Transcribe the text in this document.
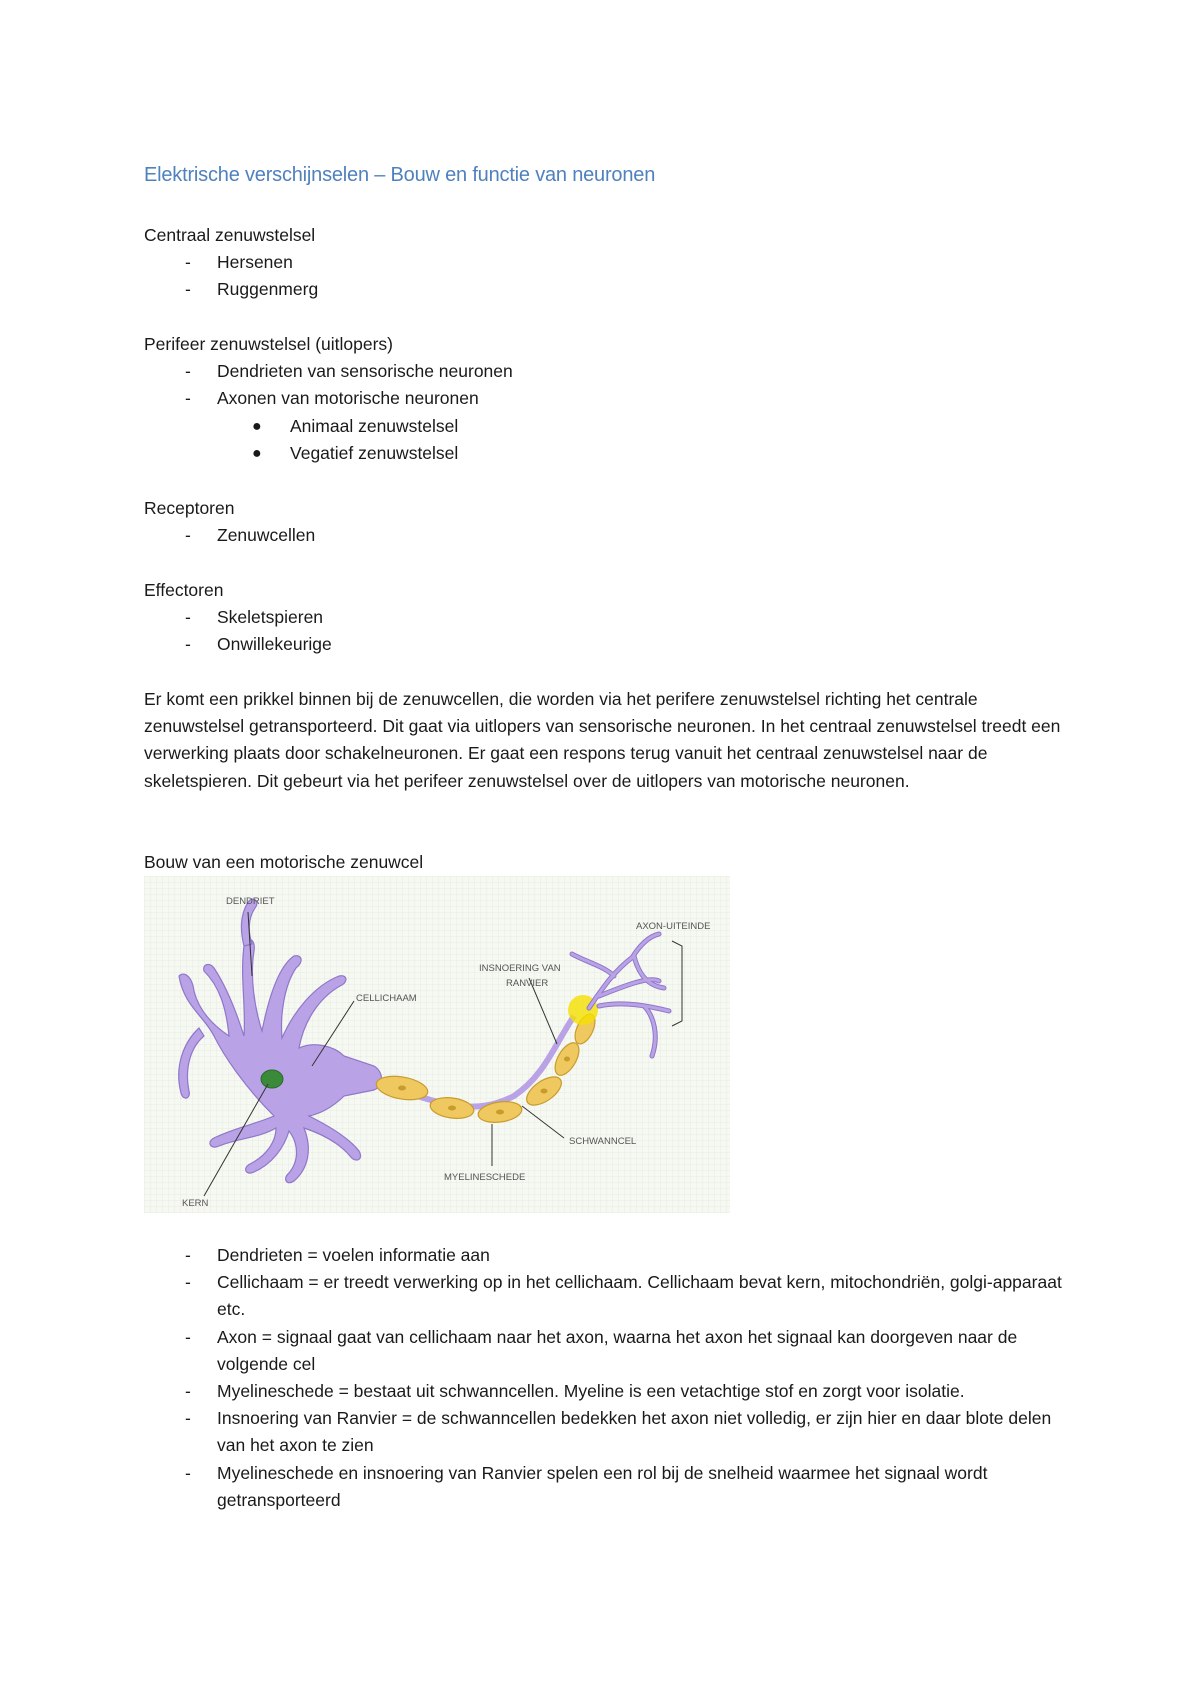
Elektrische verschijnselen – Bouw en functie van neuronen

Centraal zenuwstelsel

- Hersenen
- Ruggenmerg

Perifeer zenuwstelsel (uitlopers)

- Dendrieten van sensorische neuronen
- Axonen van motorische neuronen
● Animaal zenuwstelsel
● Vegatief zenuwstelsel

Receptoren

- Zenuwcellen

Effectoren

- Skeletspieren
- Onwillekeurige

Er komt een prikkel binnen bij de zenuwcellen, die worden via het perifere zenuwstelsel richting het centrale zenuwstelsel getransporteerd. Dit gaat via uitlopers van sensorische neuronen. In het centraal zenuwstelsel treedt een verwerking plaats door schakelneuronen. Er gaat een respons terug vanuit het centraal zenuwstelsel naar de skeletspieren. Dit gebeurt via het perifeer zenuwstelsel over de uitlopers van motorische neuronen.

Bouw van een motorische zenuwcel

DENDRIET
CELLICHAAM
INSNOERING VAN
RANVIER
AXON-UITEINDE
SCHWANNCEL
MYELINESCHEDE
KERN
- Dendrieten = voelen informatie aan
- Cellichaam = er treedt verwerking op in het cellichaam. Cellichaam bevat kern, mitochondriën, golgi-apparaat etc.
- Axon = signaal gaat van cellichaam naar het axon, waarna het axon het signaal kan doorgeven naar de volgende cel
- Myelineschede = bestaat uit schwanncellen. Myeline is een vetachtige stof en zorgt voor isolatie.
- Insnoering van Ranvier = de schwanncellen bedekken het axon niet volledig, er zijn hier en daar blote delen van het axon te zien
- Myelineschede en insnoering van Ranvier spelen een rol bij de snelheid waarmee het signaal wordt getransporteerd
